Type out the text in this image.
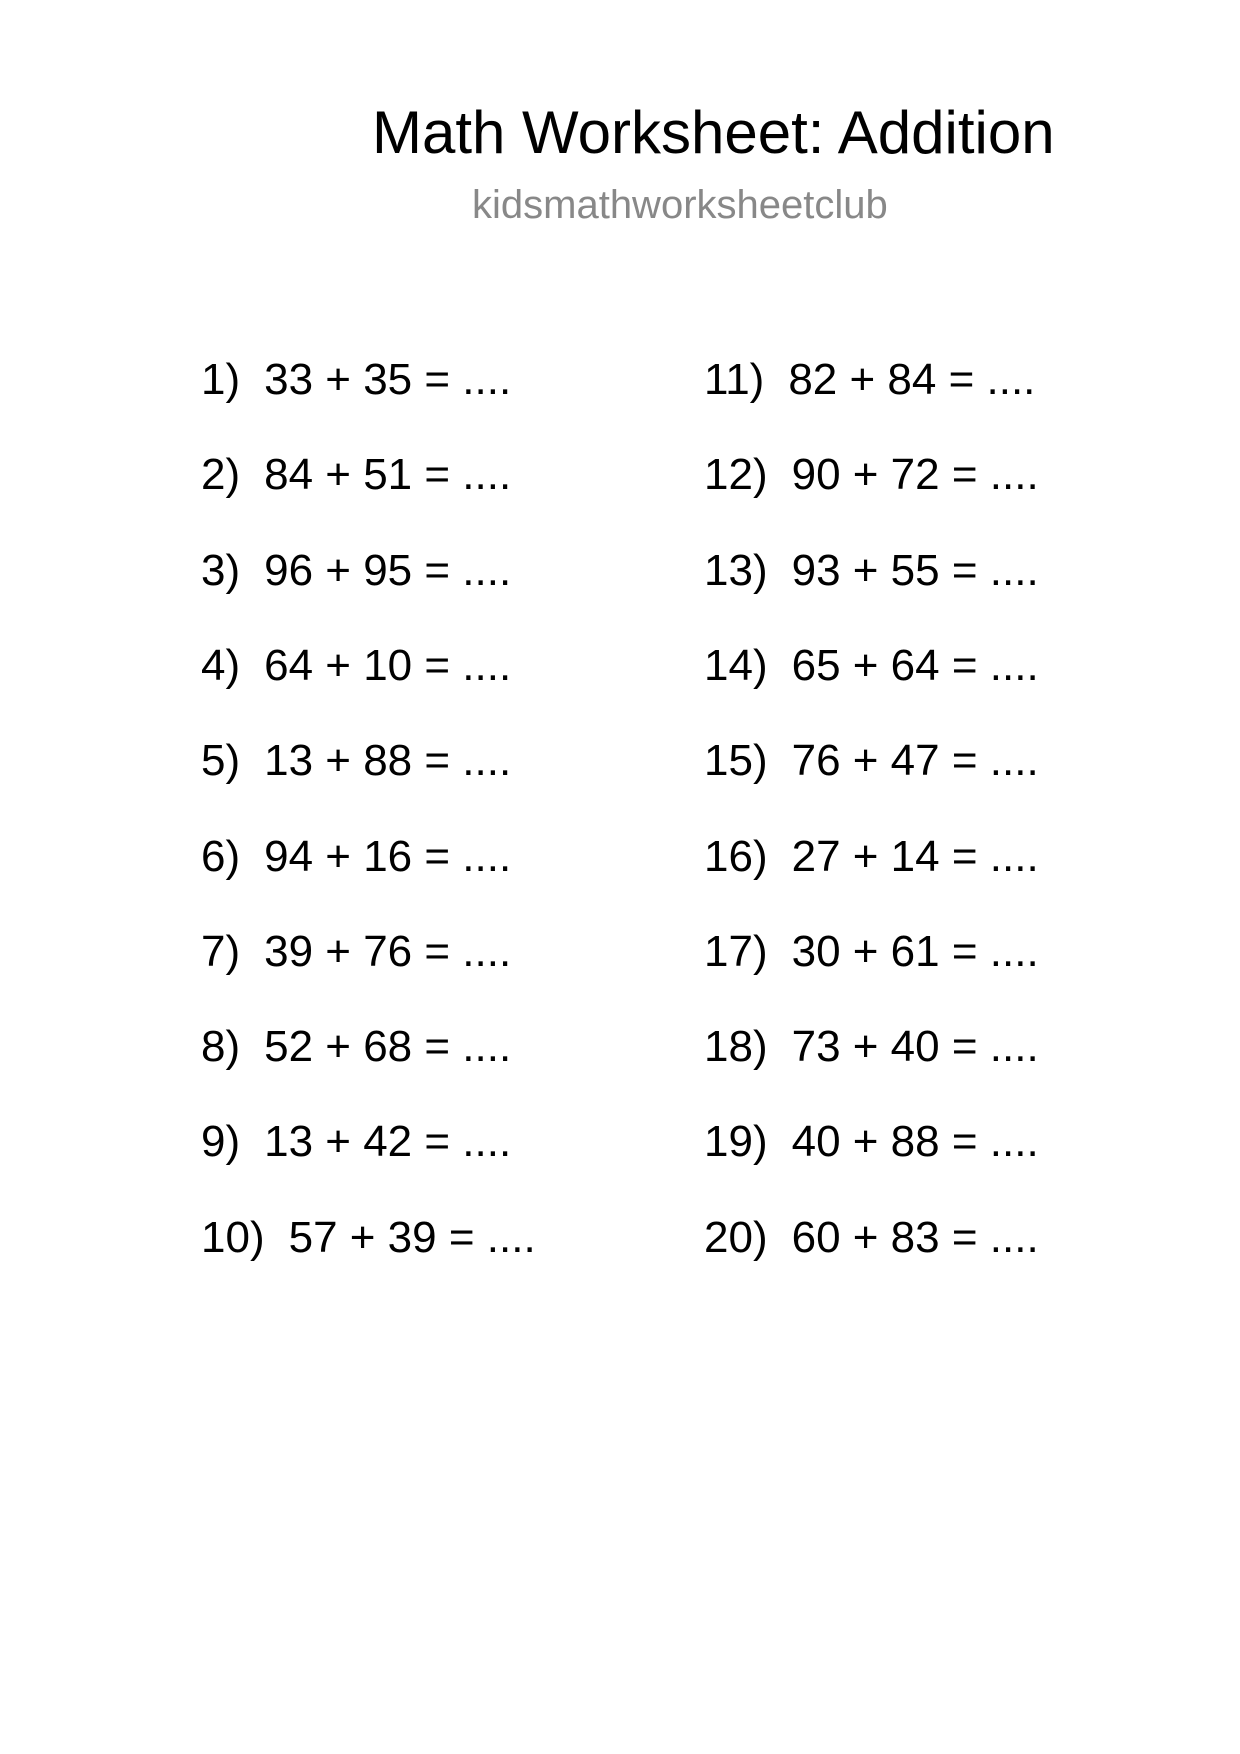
Math Worksheet: Addition
kidsmathworksheetclub
1) 33 + 35 = ....
2) 84 + 51 = ....
3) 96 + 95 = ....
4) 64 + 10 = ....
5) 13 + 88 = ....
6) 94 + 16 = ....
7) 39 + 76 = ....
8) 52 + 68 = ....
9) 13 + 42 = ....
10) 57 + 39 = ....
11) 82 + 84 = ....
12) 90 + 72 = ....
13) 93 + 55 = ....
14) 65 + 64 = ....
15) 76 + 47 = ....
16) 27 + 14 = ....
17) 30 + 61 = ....
18) 73 + 40 = ....
19) 40 + 88 = ....
20) 60 + 83 = ....
